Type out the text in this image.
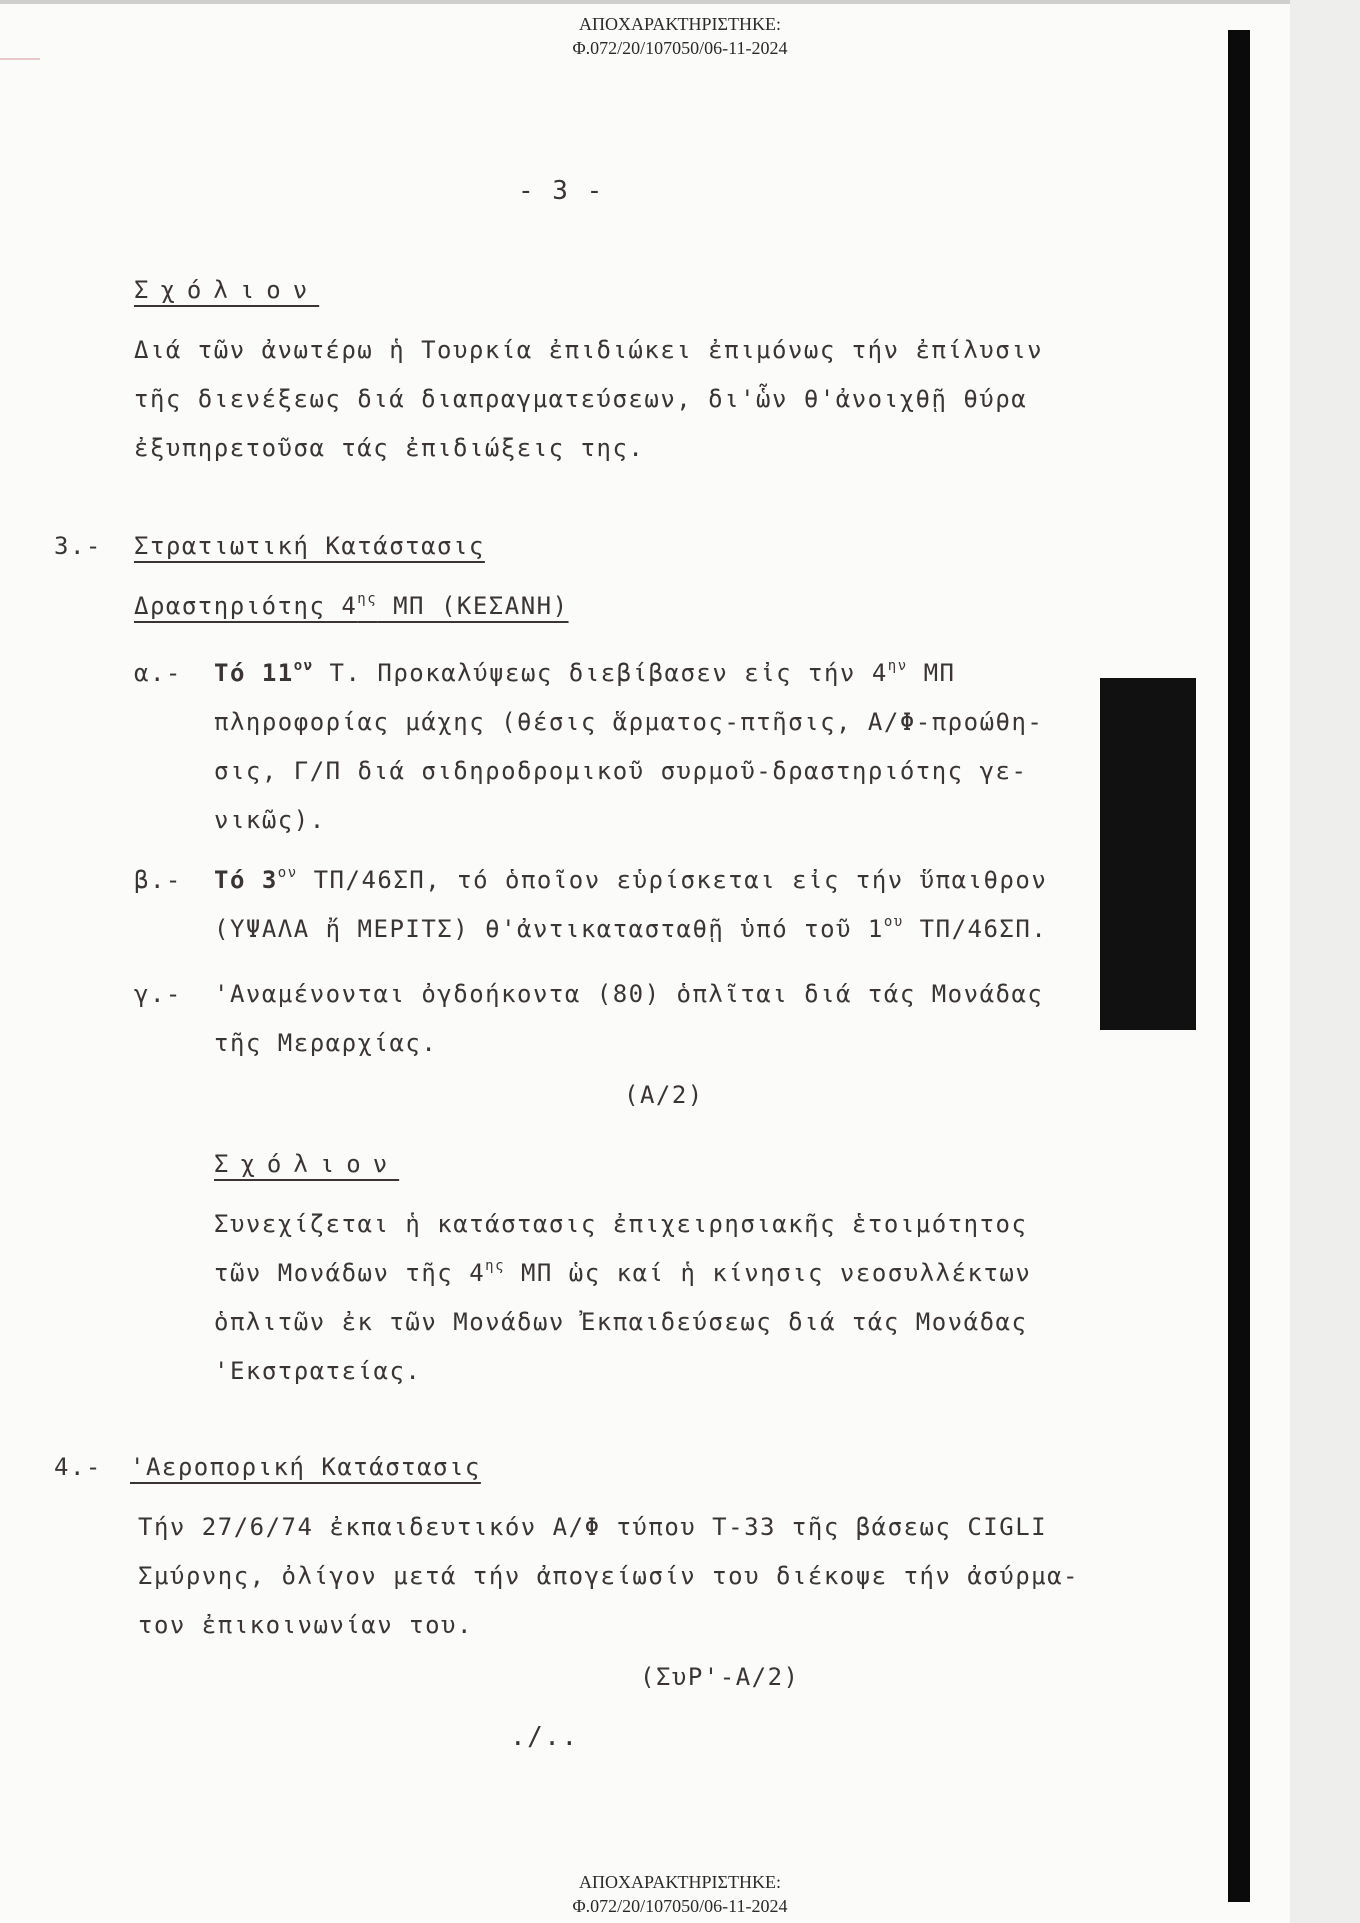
ΑΠΟΧΑΡΑΚΤΗΡΙΣΤΗΚΕ:
Φ.072/20/107050/06-11-2024
- 3 -
Σχόλιον
Διά τῶν ἀνωτέρω ἡ Τουρκία ἐπιδιώκει ἐπιμόνως τήν ἐπίλυσιν
τῆς διενέξεως διά διαπραγματεύσεων, δι'ὧν θ'ἀνοιχθῇ θύρα
ἐξυπηρετοῦσα τάς ἐπιδιώξεις της.
3.- Στρατιωτική Κατάστασις
Δραστηριότης $4^{\eta\varsigma}$ ΜΠ (ΚΕΣΑΝΗ)
α.- Τό $11^{o\nu}$ Τ. Προκαλύψεως διεβίβασεν εἰς τήν $4^{\eta\nu}$ ΜΠ
πληροφορίας μάχης (θέσις ἅρματος-πτῆσις, Α/Φ-προώθη-
σις, Γ/Π διά σιδηροδρομικοῦ συρμοῦ-δραστηριότης γε-
νικῶς).
β.- Τό $3^{o\nu}$ ΤΠ/46ΣΠ, τό ὁποῖον εὑρίσκεται εἰς τήν ὕπαιθρον
(ΥΨΑΛΑ ἤ ΜΕΡΙΤΣ) θ'ἀντικατασταθῇ ὑπό τοῦ $1^{o\upsilon}$ ΤΠ/46ΣΠ.
γ.- 'Αναμένονται ὀγδοήκοντα (80) ὁπλῖται διά τάς Μονάδας
τῆς Μεραρχίας.
(Α/2)
Σχόλιον
Συνεχίζεται ἡ κατάστασις ἐπιχειρησιακῆς ἑτοιμότητος
τῶν Μονάδων τῆς $4^{\eta\varsigma}$ ΜΠ ὡς καί ἡ κίνησις νεοσυλλέκτων
ὁπλιτῶν ἐκ τῶν Μονάδων Ἐκπαιδεύσεως διά τάς Μονάδας
'Εκστρατείας.
4.- 'Αεροπορική Κατάστασις
Τήν 27/6/74 ἐκπαιδευτικόν Α/Φ τύπου Τ-33 τῆς βάσεως CIGLI
Σμύρνης, ὀλίγον μετά τήν ἀπογείωσίν του διέκοψε τήν ἀσύρμα-
τον ἐπικοινωνίαν του.
(ΣυΡ'-Α/2)
./..
ΑΠΟΧΑΡΑΚΤΗΡΙΣΤΗΚΕ:
Φ.072/20/107050/06-11-2024
